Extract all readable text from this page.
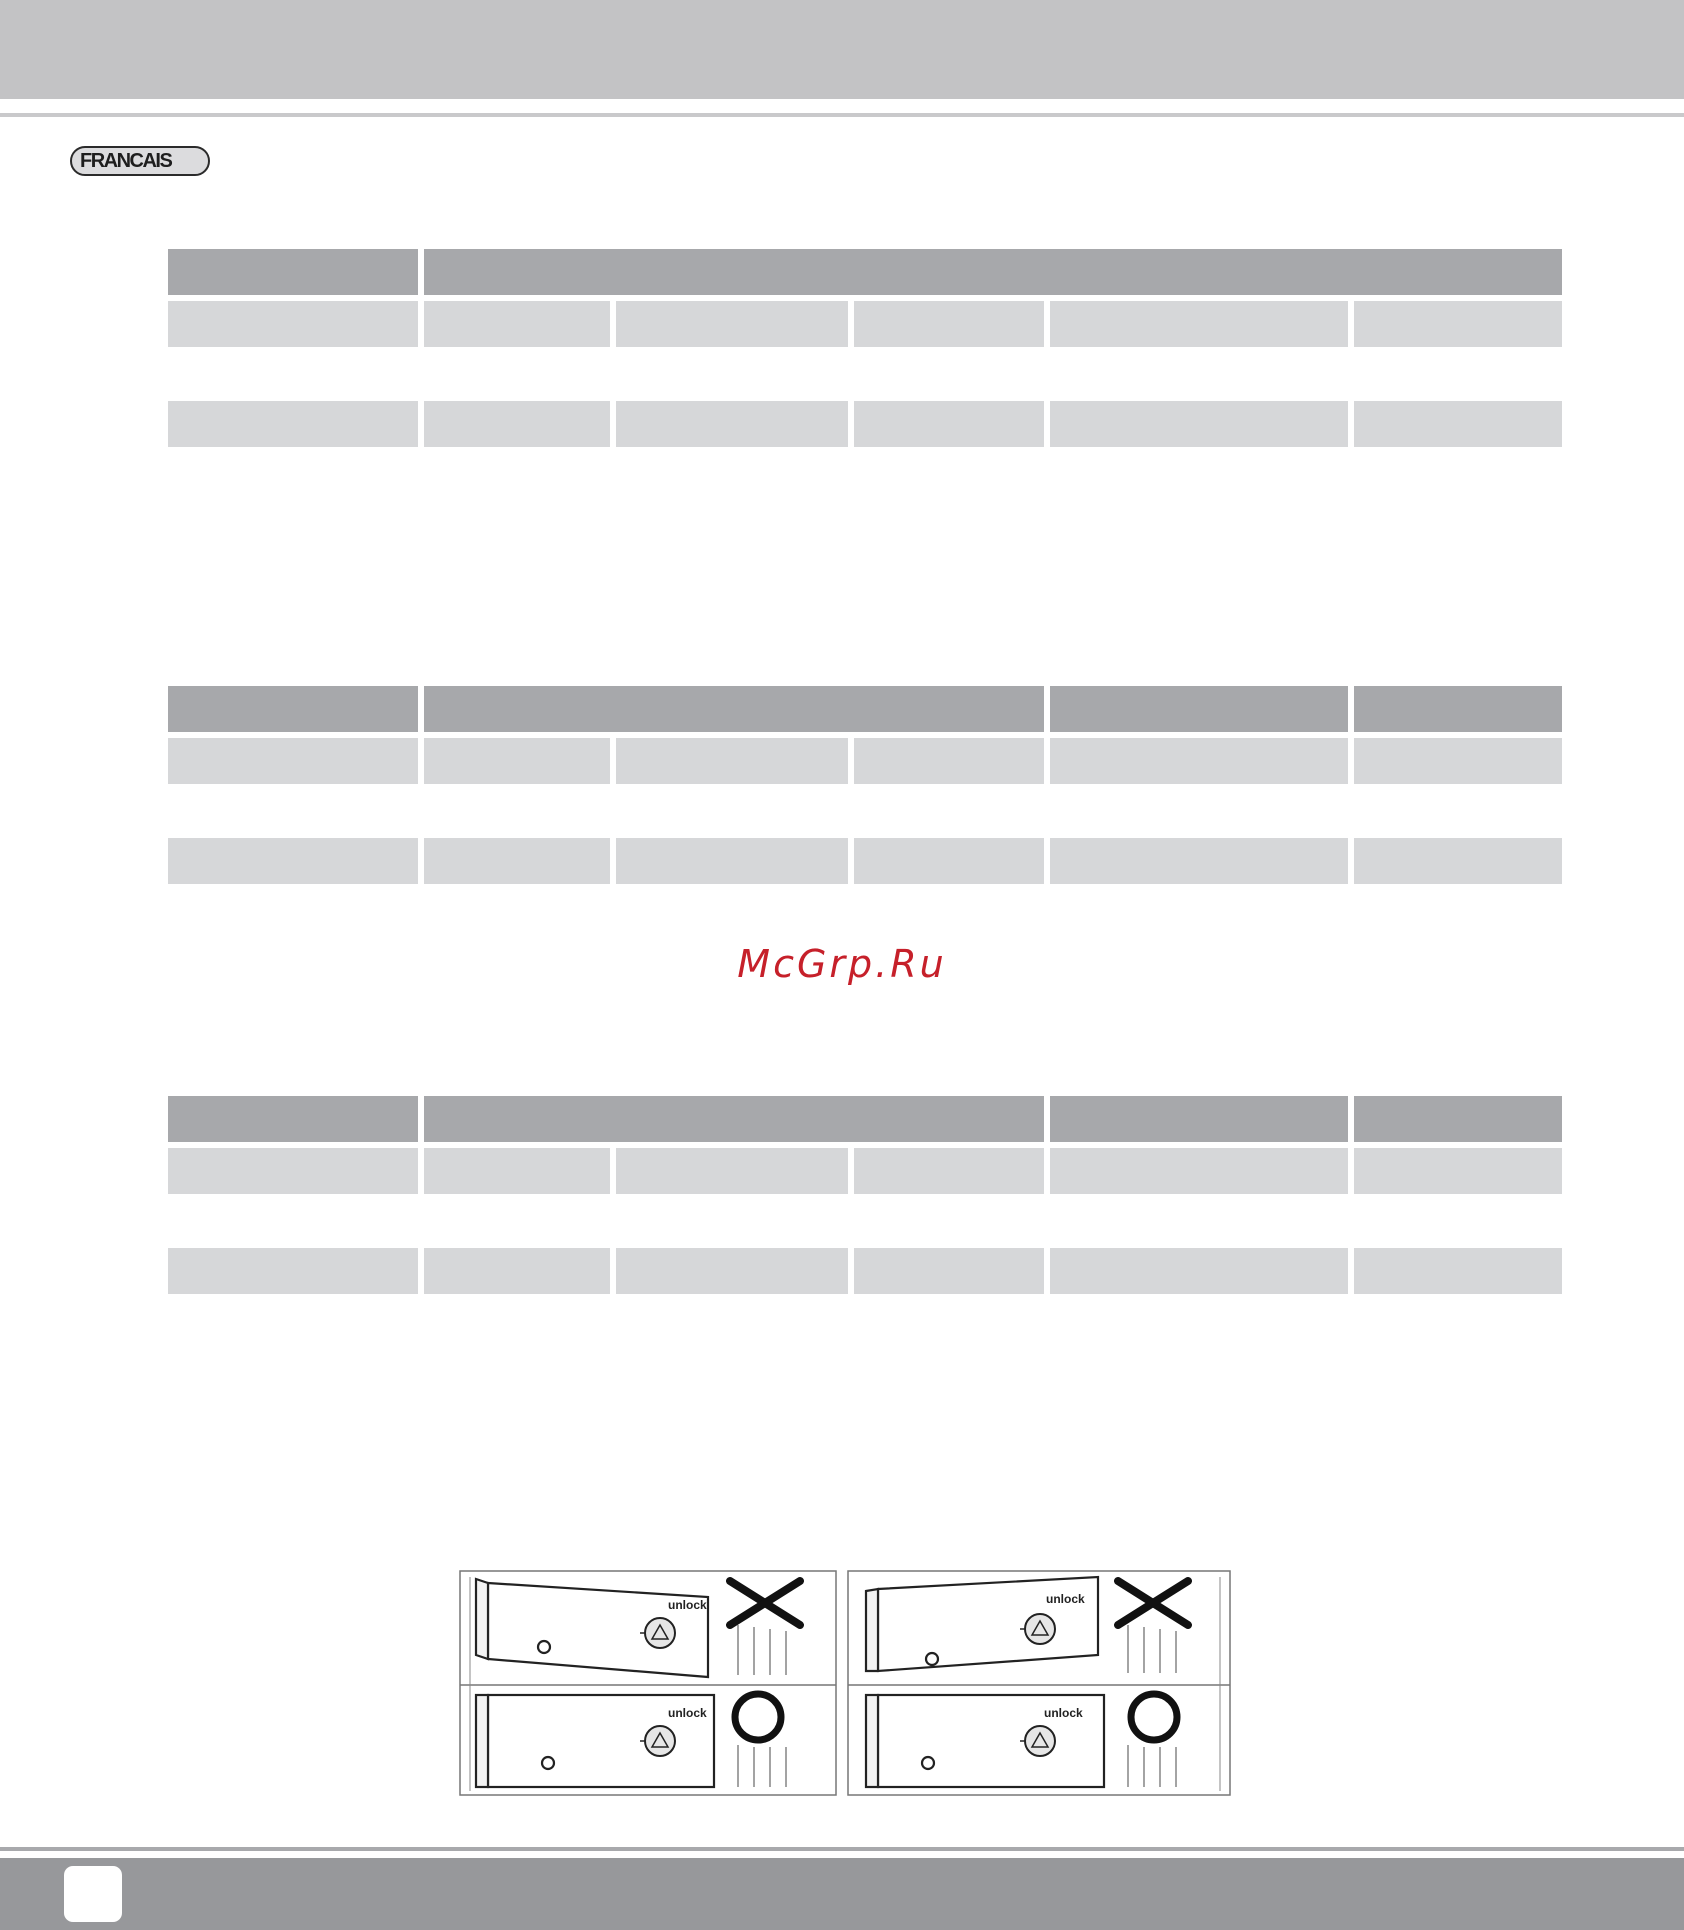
FRANCAIS
McGrp.Ru
unlock	unlock
unlock	unlock
